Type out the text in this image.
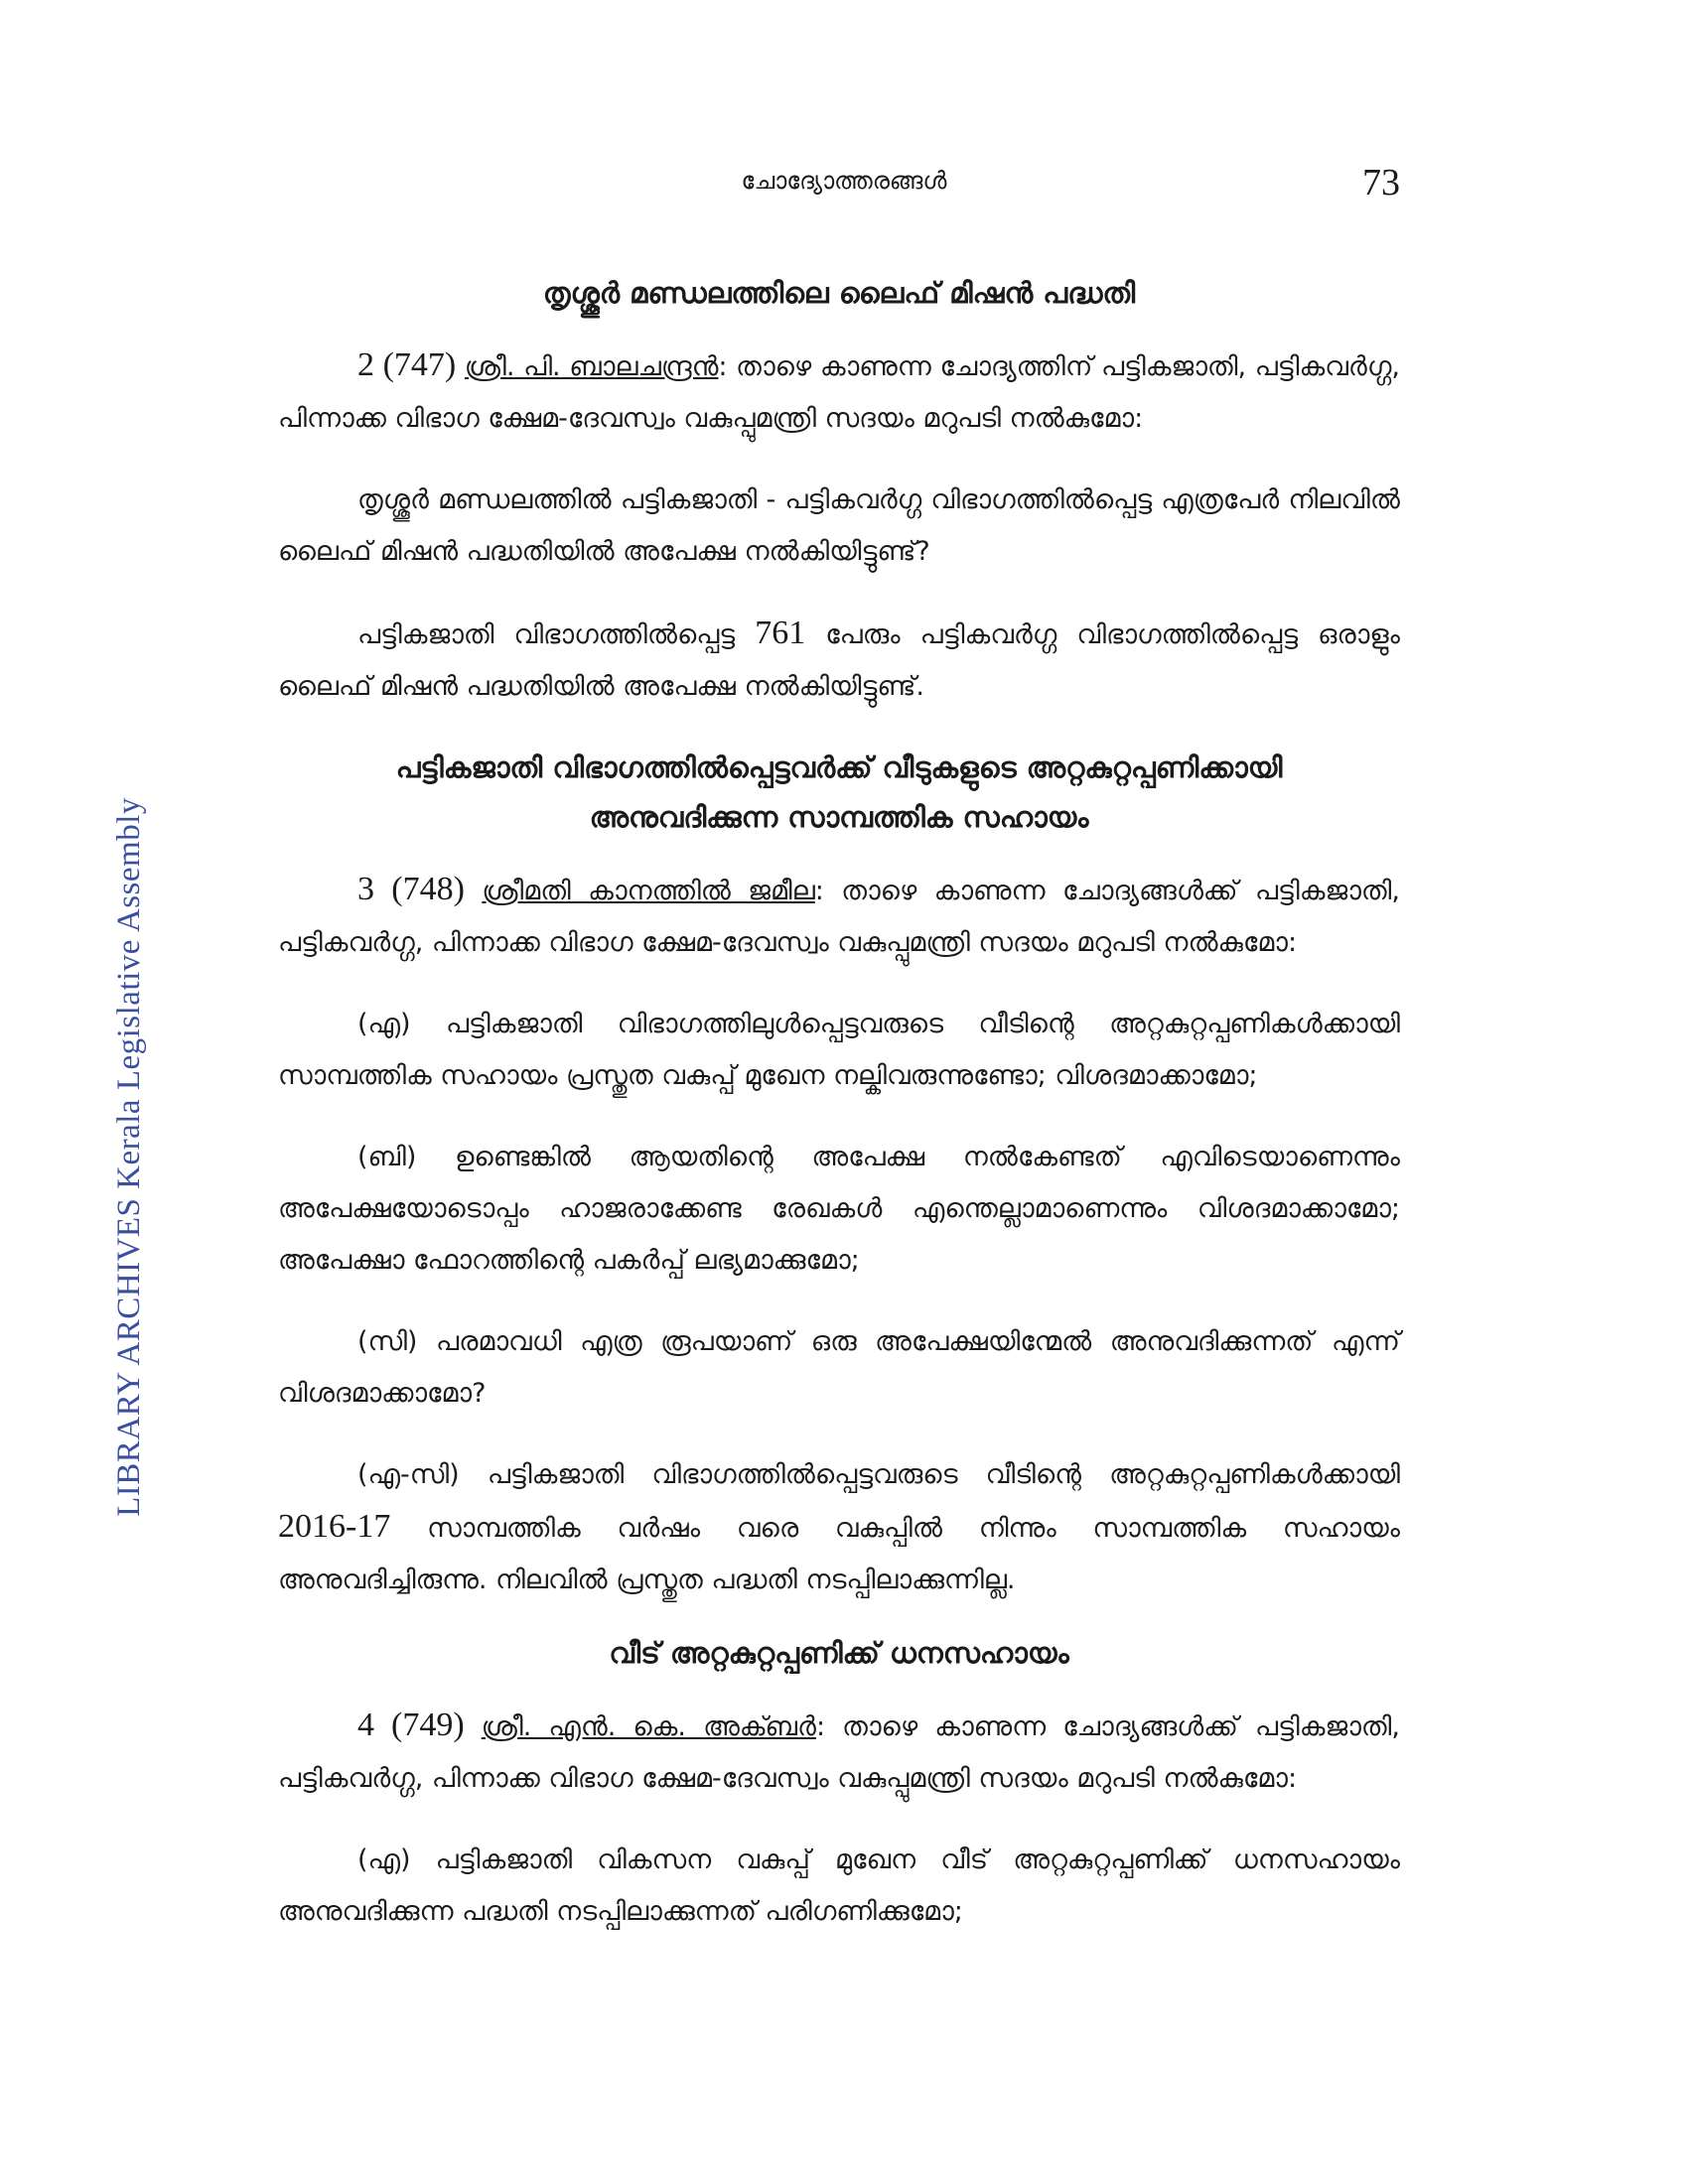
LIBRARY ARCHIVES Kerala Legislative Assembly
ചോദ്യോത്തരങ്ങൾ	73
തൃശ്ശൂർ മണ്ഡലത്തിലെ ലൈഫ് മിഷൻ പദ്ധതി

2 (747) ശ്രീ. പി. ബാലചന്ദ്രൻ: താഴെ കാണുന്ന ചോദ്യത്തിന് പട്ടികജാതി, പട്ടികവർഗ്ഗ, പിന്നാക്ക വിഭാഗ ക്ഷേമ-ദേവസ്വം വകുപ്പുമന്ത്രി സദയം മറുപടി നൽകുമോ:

തൃശ്ശൂർ മണ്ഡലത്തിൽ പട്ടികജാതി - പട്ടികവർഗ്ഗ വിഭാഗത്തിൽപ്പെട്ട എത്രപേർ നിലവിൽ ലൈഫ് മിഷൻ പദ്ധതിയിൽ അപേക്ഷ നൽകിയിട്ടുണ്ട്?

പട്ടികജാതി വിഭാഗത്തിൽപ്പെട്ട 761 പേരും പട്ടികവർഗ്ഗ വിഭാഗത്തിൽപ്പെട്ട ഒരാളും ലൈഫ് മിഷൻ പദ്ധതിയിൽ അപേക്ഷ നൽകിയിട്ടുണ്ട്.

പട്ടികജാതി വിഭാഗത്തിൽപ്പെട്ടവർക്ക് വീടുകളുടെ അറ്റകുറ്റപ്പണിക്കായി
അനുവദിക്കുന്ന സാമ്പത്തിക സഹായം

3 (748) ശ്രീമതി കാനത്തിൽ ജമീല: താഴെ കാണുന്ന ചോദ്യങ്ങൾക്ക് പട്ടികജാതി, പട്ടികവർഗ്ഗ, പിന്നാക്ക വിഭാഗ ക്ഷേമ-ദേവസ്വം വകുപ്പുമന്ത്രി സദയം മറുപടി നൽകുമോ:

(എ) പട്ടികജാതി വിഭാഗത്തിലുൾപ്പെട്ടവരുടെ വീടിന്റെ അറ്റകുറ്റപ്പണികൾക്കായി സാമ്പത്തിക സഹായം പ്രസ്തുത വകുപ്പ് മുഖേന നല്കിവരുന്നുണ്ടോ; വിശദമാക്കാമോ;

(ബി) ഉണ്ടെങ്കിൽ ആയതിന്റെ അപേക്ഷ നൽകേണ്ടത് എവിടെയാണെന്നും അപേക്ഷയോടൊപ്പം ഹാജരാക്കേണ്ട രേഖകൾ എന്തെല്ലാമാണെന്നും വിശദമാക്കാമോ; അപേക്ഷാ ഫോറത്തിന്റെ പകർപ്പ് ലഭ്യമാക്കുമോ;

(സി) പരമാവധി എത്ര രൂപയാണ് ഒരു അപേക്ഷയിന്മേൽ അനുവദിക്കുന്നത് എന്ന് വിശദമാക്കാമോ?

(എ-സി) പട്ടികജാതി വിഭാഗത്തിൽപ്പെട്ടവരുടെ വീടിന്റെ അറ്റകുറ്റപ്പണികൾക്കായി 2016-17 സാമ്പത്തിക വർഷം വരെ വകുപ്പിൽ നിന്നും സാമ്പത്തിക സഹായം അനുവദിച്ചിരുന്നു. നിലവിൽ പ്രസ്തുത പദ്ധതി നടപ്പിലാക്കുന്നില്ല.

വീട് അറ്റകുറ്റപ്പണിക്ക് ധനസഹായം

4 (749) ശ്രീ. എൻ. കെ. അക്ബർ: താഴെ കാണുന്ന ചോദ്യങ്ങൾക്ക് പട്ടികജാതി, പട്ടികവർഗ്ഗ, പിന്നാക്ക വിഭാഗ ക്ഷേമ-ദേവസ്വം വകുപ്പുമന്ത്രി സദയം മറുപടി നൽകുമോ:

(എ) പട്ടികജാതി വികസന വകുപ്പ് മുഖേന വീട് അറ്റകുറ്റപ്പണിക്ക് ധനസഹായം അനുവദിക്കുന്ന പദ്ധതി നടപ്പിലാക്കുന്നത് പരിഗണിക്കുമോ;
